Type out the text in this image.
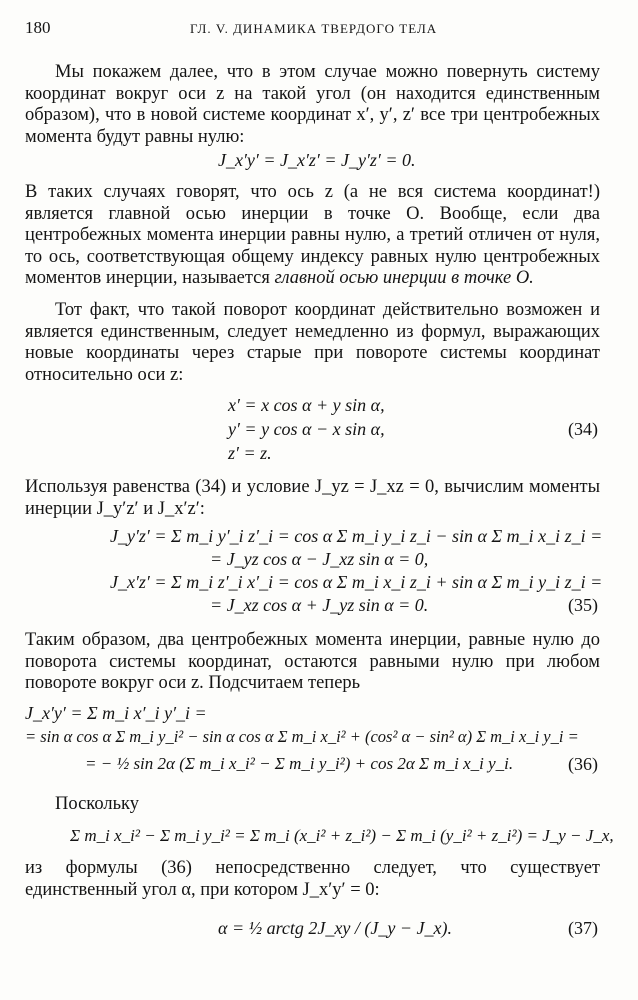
180	ГЛ. V. ДИНАМИКА ТВЕРДОГО ТЕЛА
Мы покажем далее, что в этом случае можно повернуть систему координат вокруг оси z на такой угол (он находится единственным образом), что в новой системе координат x′, y′, z′ все три центробежных момента будут равны нулю:
J_x′y′ = J_x′z′ = J_y′z′ = 0.
В таких случаях говорят, что ось z (а не вся система координат!) является главной осью инерции в точке O. Вообще, если два центробежных момента инерции равны нулю, а третий отличен от нуля, то ось, соответствующая общему индексу равных нулю центробежных моментов инерции, называется главной осью инерции в точке O.
Тот факт, что такой поворот координат действительно возможен и является единственным, следует немедленно из формул, выражающих новые координаты через старые при повороте системы координат относительно оси z:
x′ = x cos α + y sin α,
y′ = y cos α − x sin α,
z′ = z.
(34)
Используя равенства (34) и условие J_yz = J_xz = 0, вычислим моменты инерции J_y′z′ и J_x′z′:
J_y′z′ = Σ m_i y′_i z′_i = cos α Σ m_i y_i z_i − sin α Σ m_i x_i z_i =
= J_yz cos α − J_xz sin α = 0,
J_x′z′ = Σ m_i z′_i x′_i = cos α Σ m_i x_i z_i + sin α Σ m_i y_i z_i =
= J_xz cos α + J_yz sin α = 0.	(35)
Таким образом, два центробежных момента инерции, равные нулю до поворота системы координат, остаются равными нулю при любом повороте вокруг оси z. Подсчитаем теперь
J_x′y′ = Σ m_i x′_i y′_i =
= sin α cos α Σ m_i y_i² − sin α cos α Σ m_i x_i² + (cos² α − sin² α) Σ m_i x_i y_i =
= − ½ sin 2α (Σ m_i x_i² − Σ m_i y_i²) + cos 2α Σ m_i x_i y_i.	(36)
Поскольку
Σ m_i x_i² − Σ m_i y_i² = Σ m_i (x_i² + z_i²) − Σ m_i (y_i² + z_i²) = J_y − J_x,
из формулы (36) непосредственно следует, что существует единственный угол α, при котором J_x′y′ = 0:
α = ½ arctg 2J_xy / (J_y − J_x).	(37)
